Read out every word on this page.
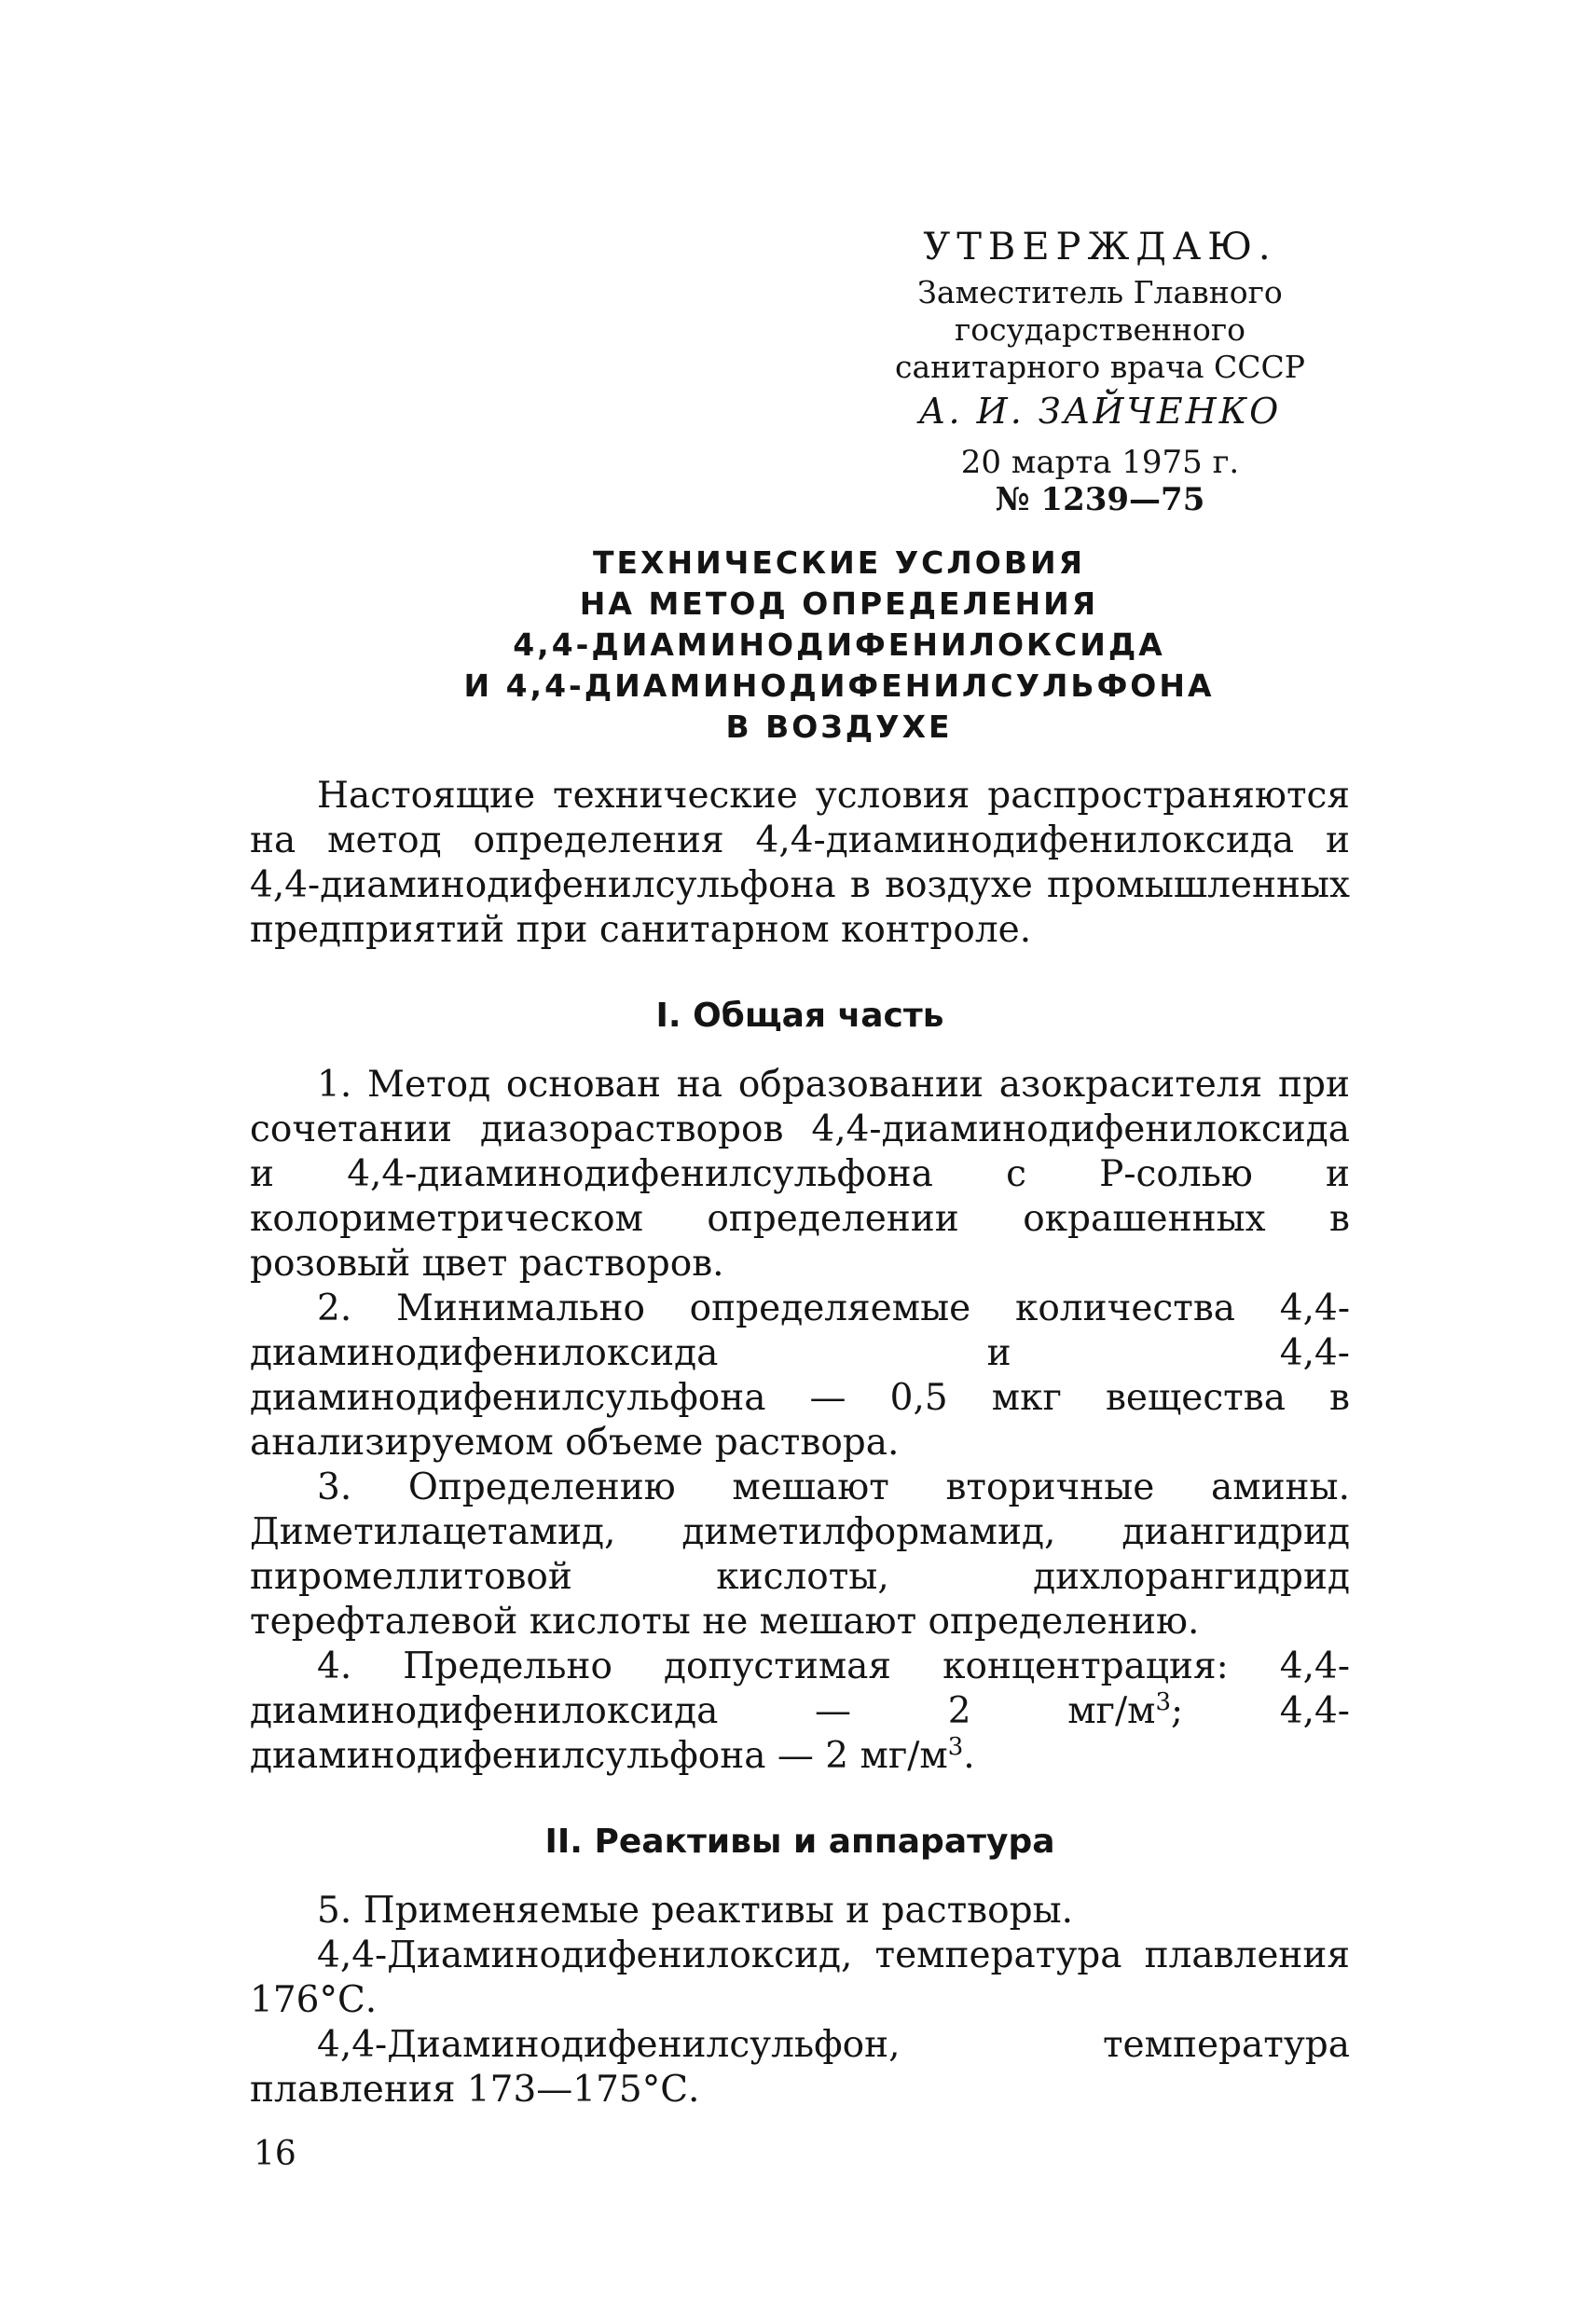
УТВЕРЖДАЮ.
Заместитель Главного
государственного
санитарного врача СССР
А. И. ЗАЙЧЕНКО
20 марта 1975 г.
№ 1239—75
ТЕХНИЧЕСКИЕ УСЛОВИЯ
НА МЕТОД ОПРЕДЕЛЕНИЯ
4,4-ДИАМИНОДИФЕНИЛОКСИДА
И 4,4-ДИАМИНОДИФЕНИЛСУЛЬФОНА
В ВОЗДУХЕ

Настоящие технические условия распространяются на метод определения 4,4-диаминодифенилоксида и 4,4-диаминодифенилсульфона в воздухе промышленных предприятий при санитарном контроле.

I. Общая часть

1. Метод основан на образовании азокрасителя при сочетании диазорастворов 4,4-диаминодифенилоксида и 4,4-диаминодифенилсульфона с Р-солью и колориметрическом определении окрашенных в розовый цвет растворов.

2. Минимально определяемые количества 4,4-диаминодифенилоксида и 4,4-диаминодифенилсульфона — 0,5 мкг вещества в анализируемом объеме раствора.

3. Определению мешают вторичные амины. Диметилацетамид, диметилформамид, диангидрид пиромеллитовой кислоты, дихлорангидрид терефталевой кислоты не мешают определению.

4. Предельно допустимая концентрация: 4,4-диаминодифенилоксида — 2 $мг/м^3$; 4,4-диаминодифенилсульфона — 2 $мг/м^3$.

II. Реактивы и аппаратура

5. Применяемые реактивы и растворы.

4,4-Диаминодифенилоксид, температура плавления 176°С.

4,4-Диаминодифенилсульфон, температура плавления 173—175°С.

16
